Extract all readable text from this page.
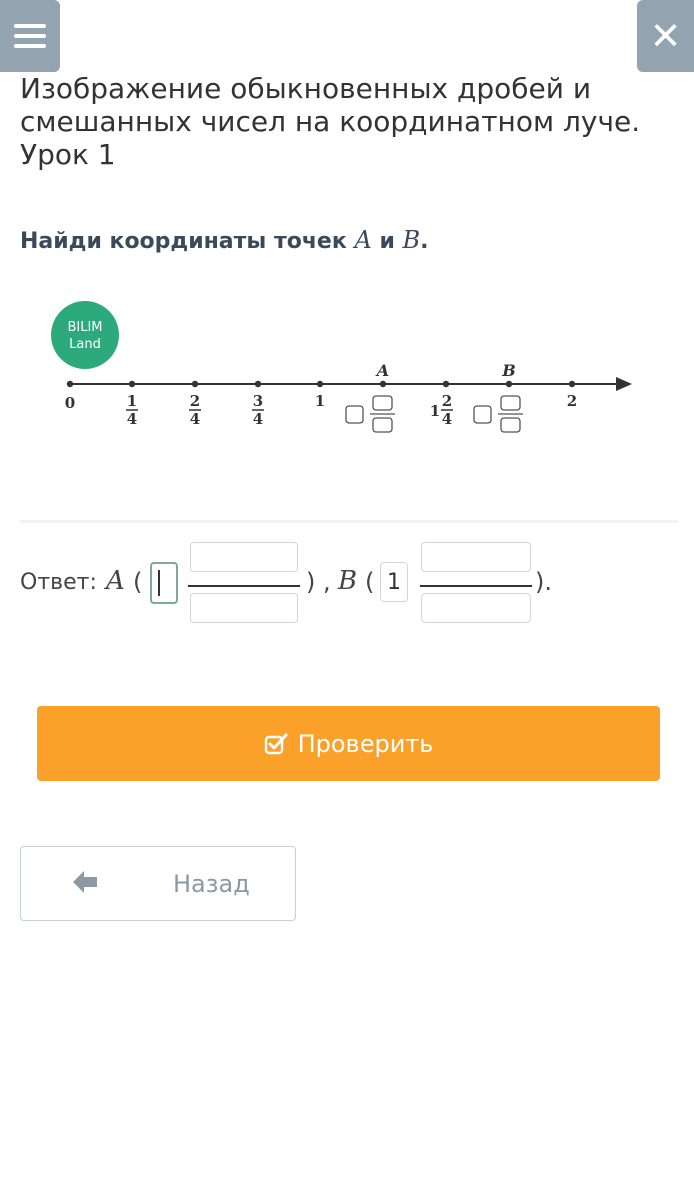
✕
Изображение обыкновенных дробей и
смешанных чисел на координатном луче.
Урок 1
Найди координаты точек A и B.
BILIM
Land
A	B
0	1
4
2
4
3
4
1
1
2
4
2
Ответ: A (	) , B ( 1	).
Проверить
Назад
